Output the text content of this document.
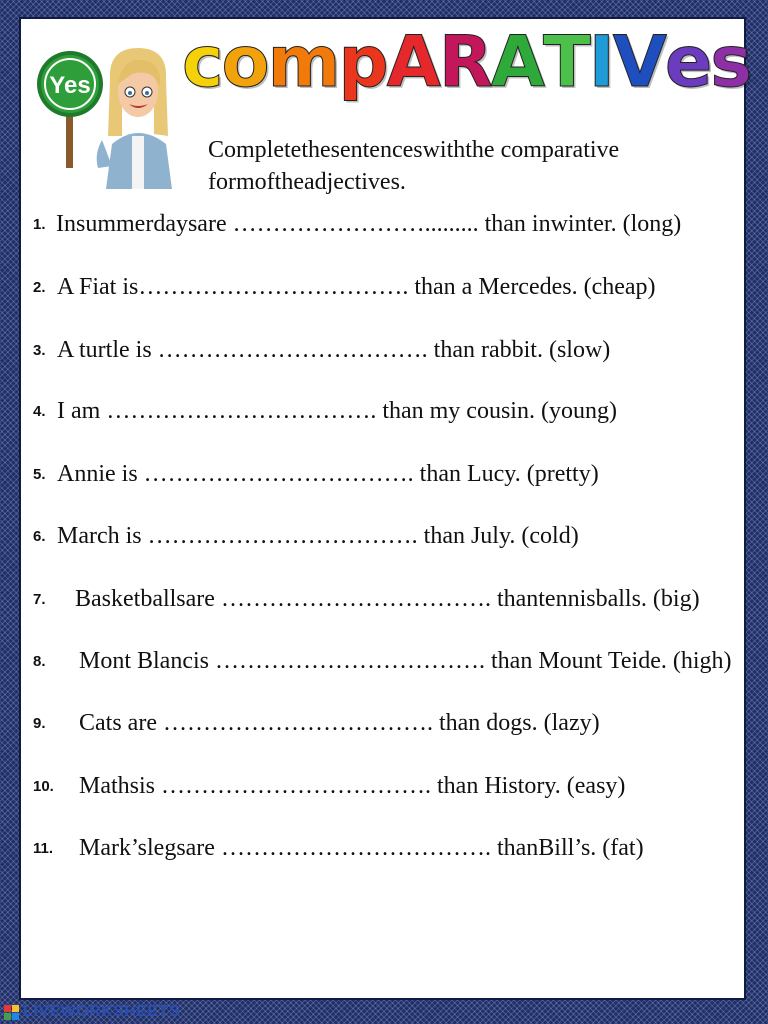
compARATIVes
Yes

Completethesentenceswiththe comparative formoftheadjectives.

1. Insummerdaysare ……………………......... than inwinter. (long)
2. A Fiat is……………………………. than a Mercedes. (cheap)
3. A turtle is ……………………………. than rabbit. (slow)
4. I am ……………………………. than my cousin. (young)
5. Annie is ……………………………. than Lucy. (pretty)
6. March is ……………………………. than July. (cold)
7. Basketballsare ……………………………. thantennisballs. (big)
8. Mont Blancis ……………………………. than Mount Teide. (high)
9. Cats are ……………………………. than dogs. (lazy)
10. Mathsis ……………………………. than History. (easy)
11. Mark’slegsare ……………………………. thanBill’s. (fat)
LIVEWORKSHEETS
